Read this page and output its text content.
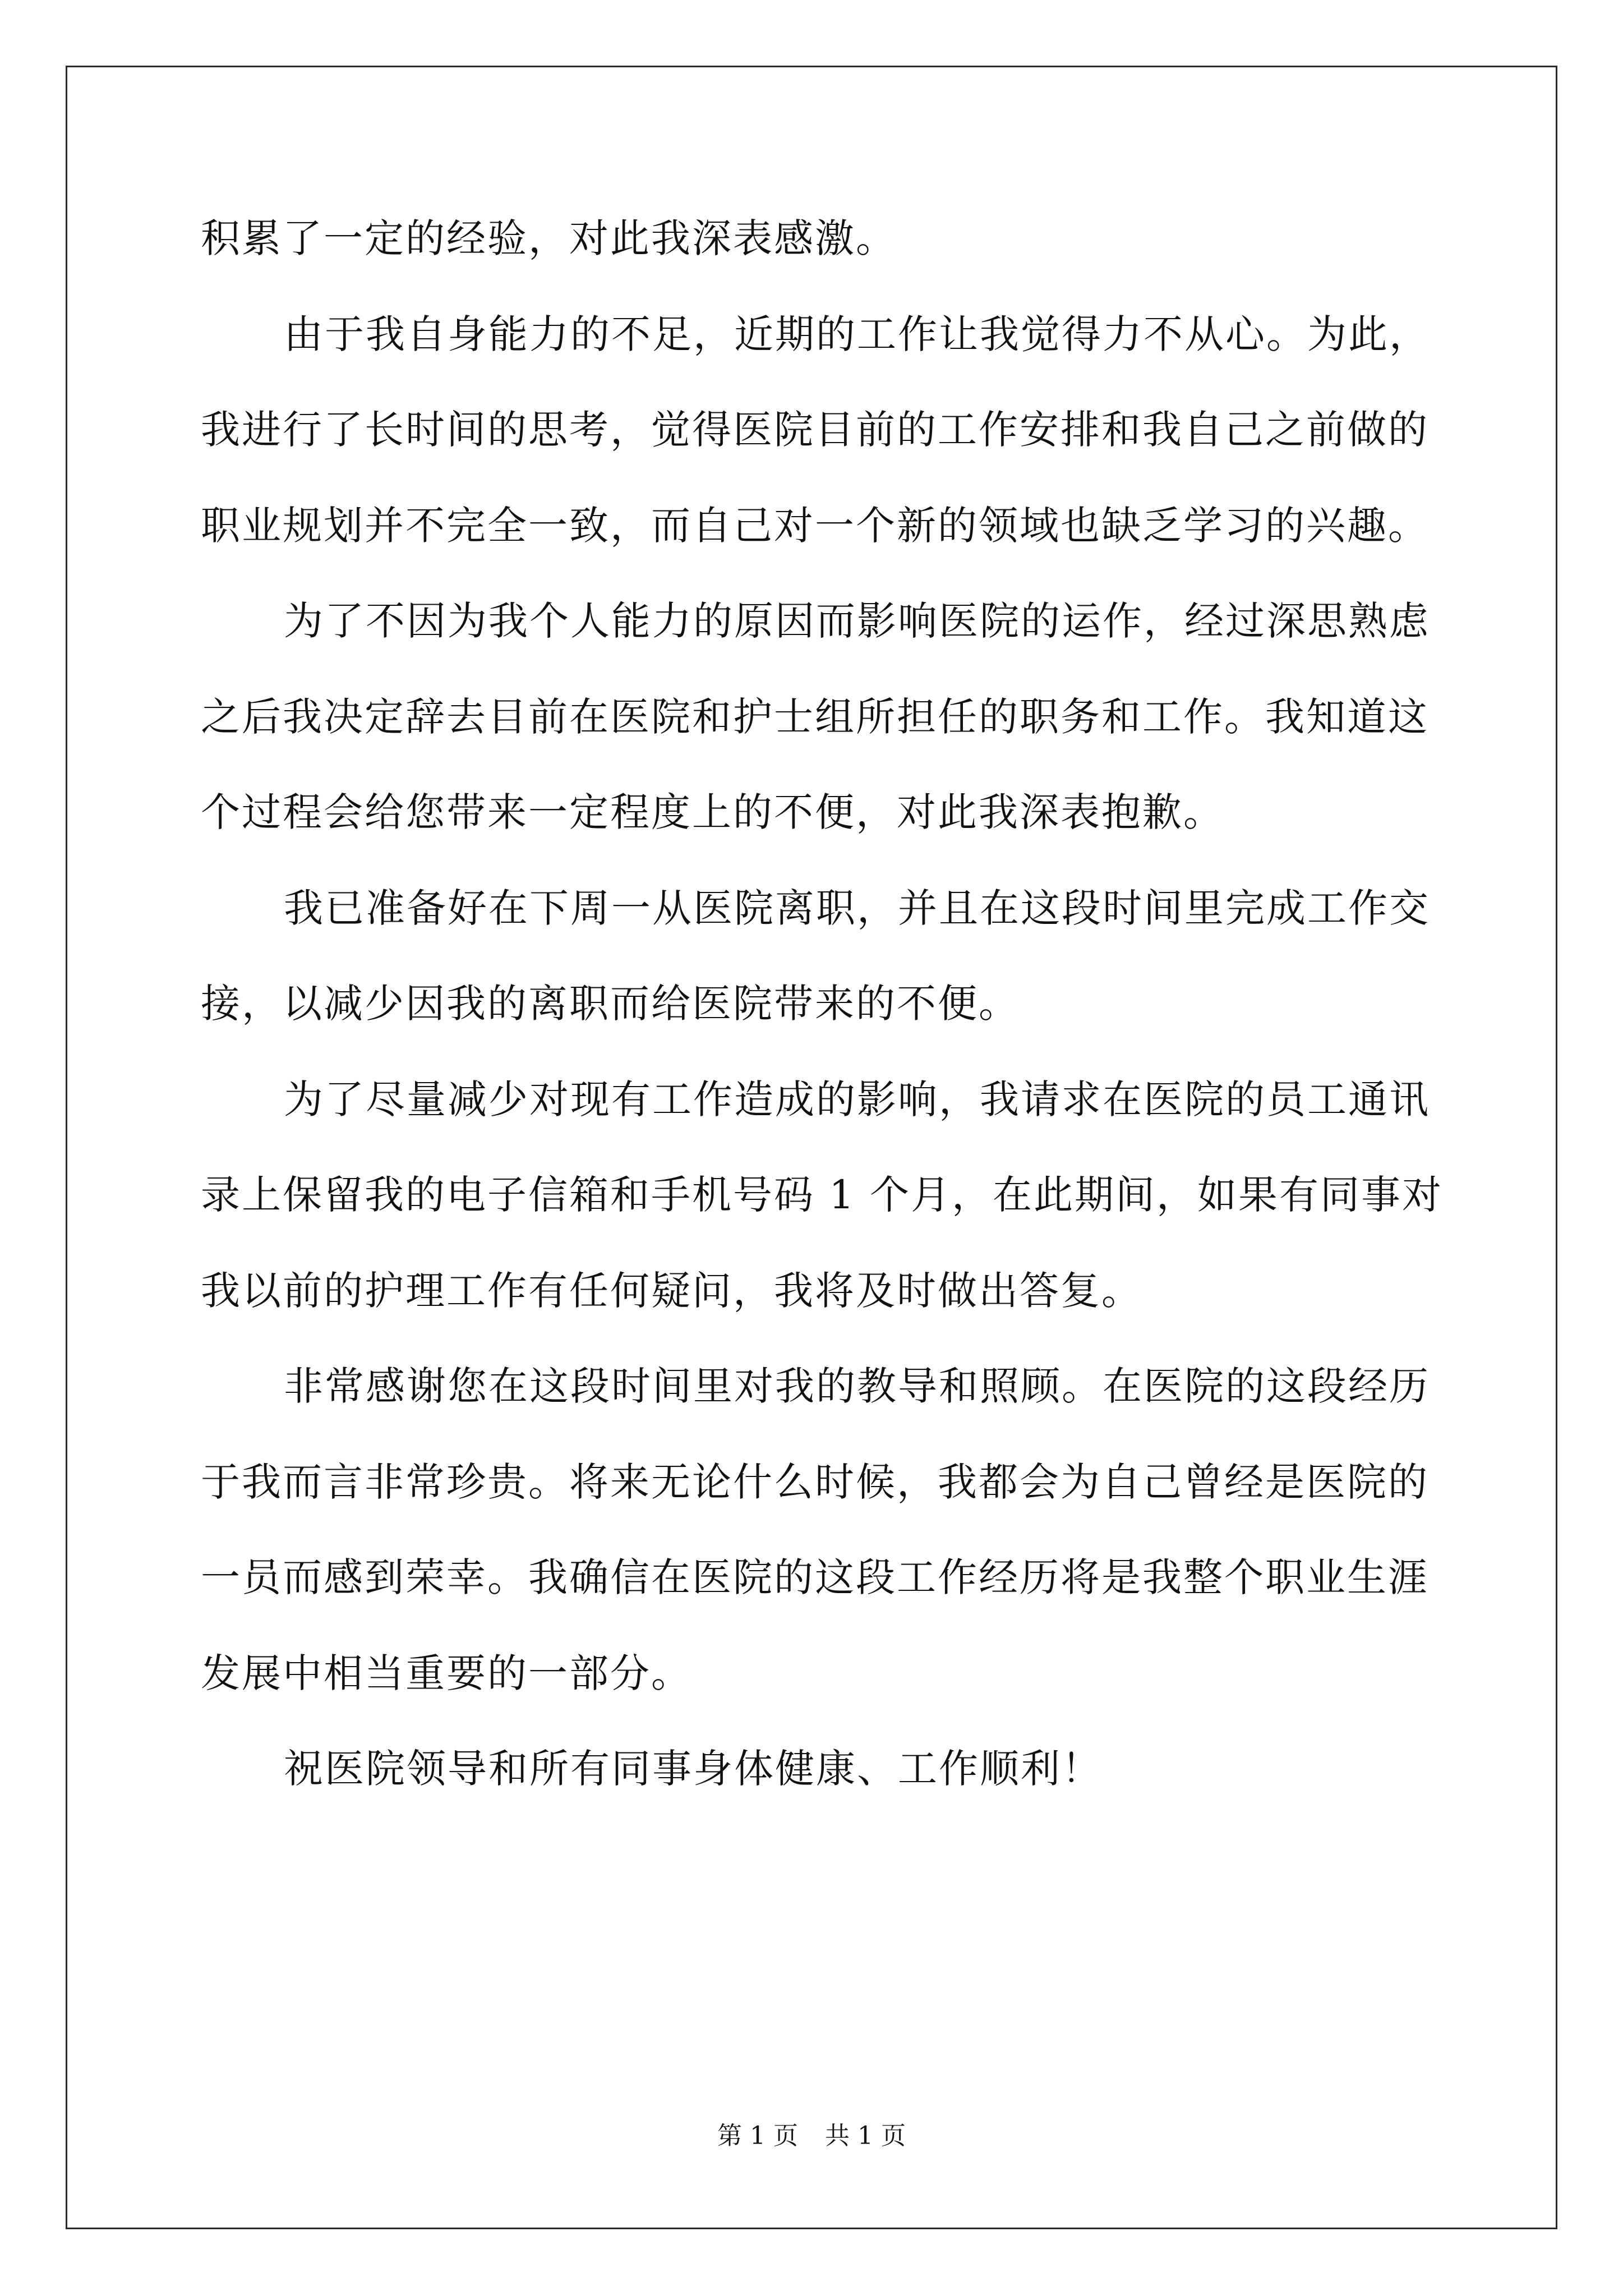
积累了一定的经验，对此我深表感激。
由于我自身能力的不足，近期的工作让我觉得力不从心。为此，
我进行了长时间的思考，觉得医院目前的工作安排和我自己之前做的
职业规划并不完全一致，而自己对一个新的领域也缺乏学习的兴趣。
为了不因为我个人能力的原因而影响医院的运作，经过深思熟虑
之后我决定辞去目前在医院和护士组所担任的职务和工作。我知道这
个过程会给您带来一定程度上的不便，对此我深表抱歉。
我已准备好在下周一从医院离职，并且在这段时间里完成工作交
接，以减少因我的离职而给医院带来的不便。
为了尽量减少对现有工作造成的影响，我请求在医院的员工通讯
录上保留我的电子信箱和手机号码 1 个月，在此期间，如果有同事对
我以前的护理工作有任何疑问，我将及时做出答复。
非常感谢您在这段时间里对我的教导和照顾。在医院的这段经历
于我而言非常珍贵。将来无论什么时候，我都会为自己曾经是医院的
一员而感到荣幸。我确信在医院的这段工作经历将是我整个职业生涯
发展中相当重要的一部分。
祝医院领导和所有同事身体健康、工作顺利！
第 1 页 共 1 页
